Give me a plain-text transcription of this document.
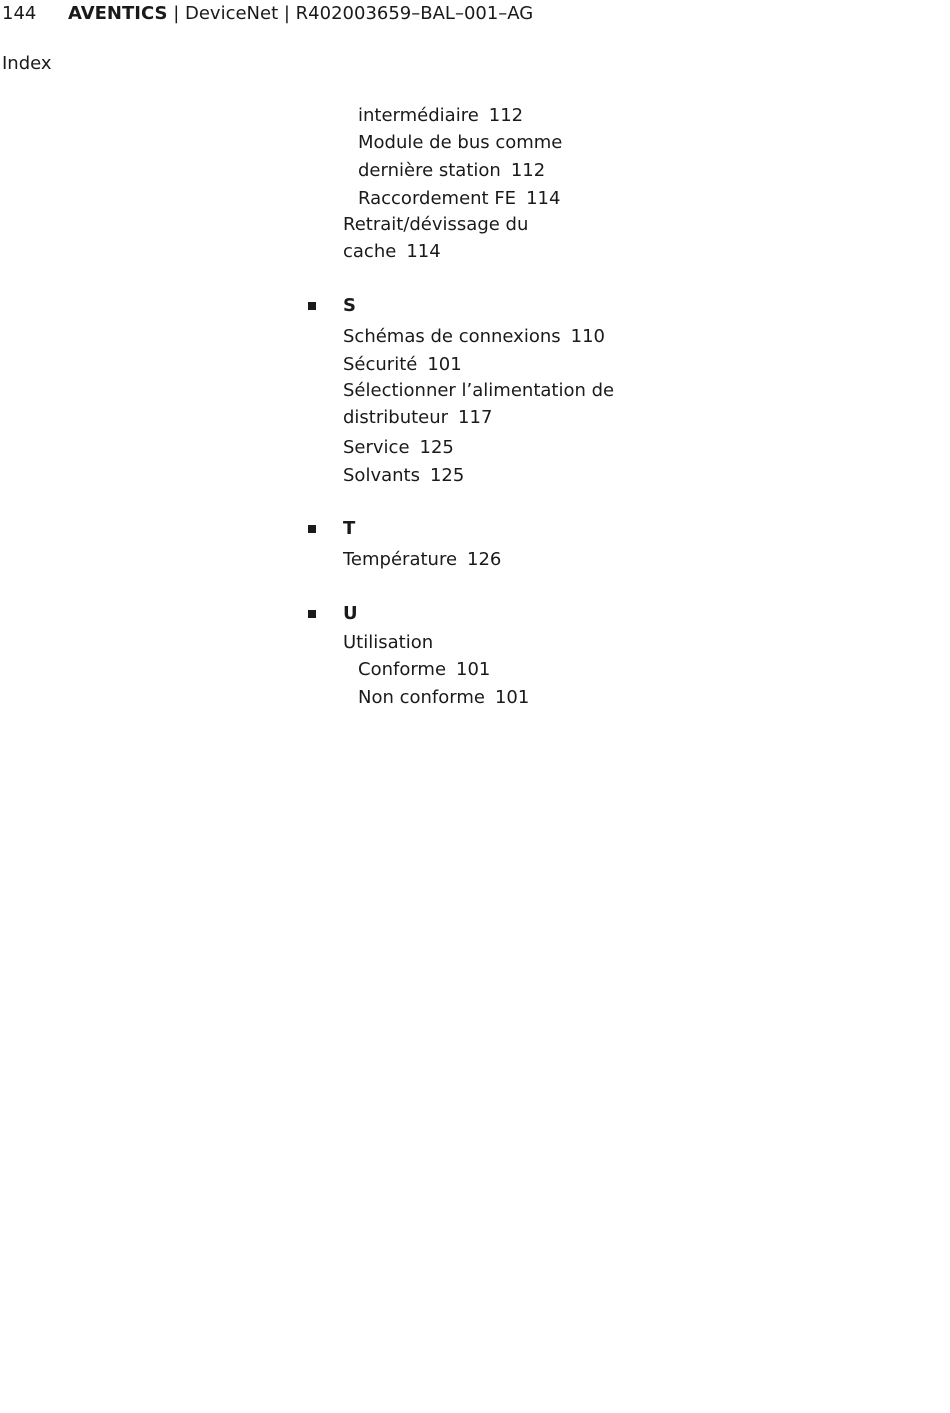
144 AVENTICS | DeviceNet | R402003659–BAL–001–AG
Index
intermédiaire 112
Module de bus comme
dernière station 112
Raccordement FE 114
Retrait/dévissage du
cache 114
S
Schémas de connexions 110
Sécurité 101
Sélectionner l’alimentation de
distributeur 117
Service 125
Solvants 125
T
Température 126
U
Utilisation
Conforme 101
Non conforme 101
